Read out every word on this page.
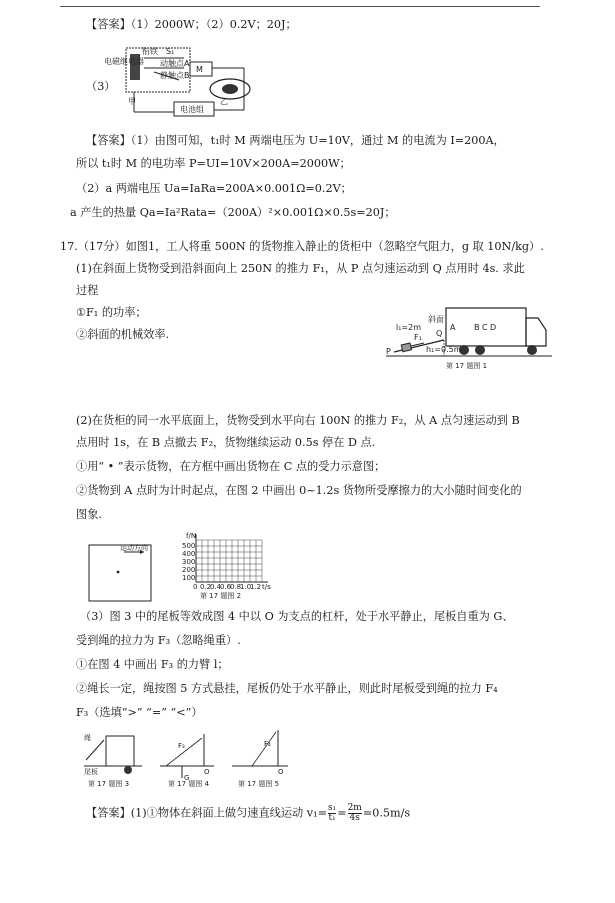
【答案】（1）2000W；（2）0.2V；20J；
（3）
电磁继电器
衔铁 S₁
动触点A
静触点B
M
电池组
甲	乙
【答案】（1）由图可知，t₁时 M 两端电压为 U=10V，通过 M 的电流为 I=200A，
所以 t₁时 M 的电功率 P=UI=10V×200A=2000W；
（2）a 两端电压 Ua=IaRa=200A×0.001Ω=0.2V；
a 产生的热量 Qa=Ia²Rata=（200A）²×0.001Ω×0.5s=20J；
17.（17分）如图1，工人将重 500N 的货物推入静止的货柜中（忽略空气阻力，g 取 10N/kg）.
(1)在斜面上货物受到沿斜面向上 250N 的推力 F₁，从 P 点匀速运动到 Q 点用时 4s. 求此
过程
①F₁ 的功率；
②斜面的机械效率.
l₁=2m
F₁
斜面
Q
P
A B C D
h₁=0.5m
第 17 题图 1
(2)在货柜的同一水平底面上，货物受到水平向右 100N 的推力 F₂，从 A 点匀速运动到 B
点用时 1s，在 B 点撤去 F₂，货物继续运动 0.5s 停在 D 点.
①用“ • ”表示货物，在方框中画出货物在 C 点的受力示意图；
②货物到 A 点时为计时起点，在图 2 中画出 0~1.2s 货物所受摩擦力的大小随时间变化的
图象.
运动方向
f/N
500
400
300
200
100
0 0.2
0.4
0.6
0.8
1.0
1.2 t/s
第 17 题图 2
（3）图 3 中的尾板等效成图 4 中以 O 为支点的杠杆，处于水平静止，尾板自重为 G、
受到绳的拉力为 F₃（忽略绳重）.
①在图 4 中画出 F₃ 的力臂 l；
②绳长一定，绳按图 5 方式悬挂，尾板仍处于水平静止，则此时尾板受到绳的拉力 F₄
F₃（选填“>” “=” “<”）
绳
尾板
F₃
O
G
F₄
O
第 17 题图 3	第 17 题图 4	第 17 题图 5
【答案】(1)①物体在斜面上做匀速直线运动 $v_1= \frac{\text{s₁}}{\text{t₁}} = \frac{2m}{4s} =0.5m/s$
